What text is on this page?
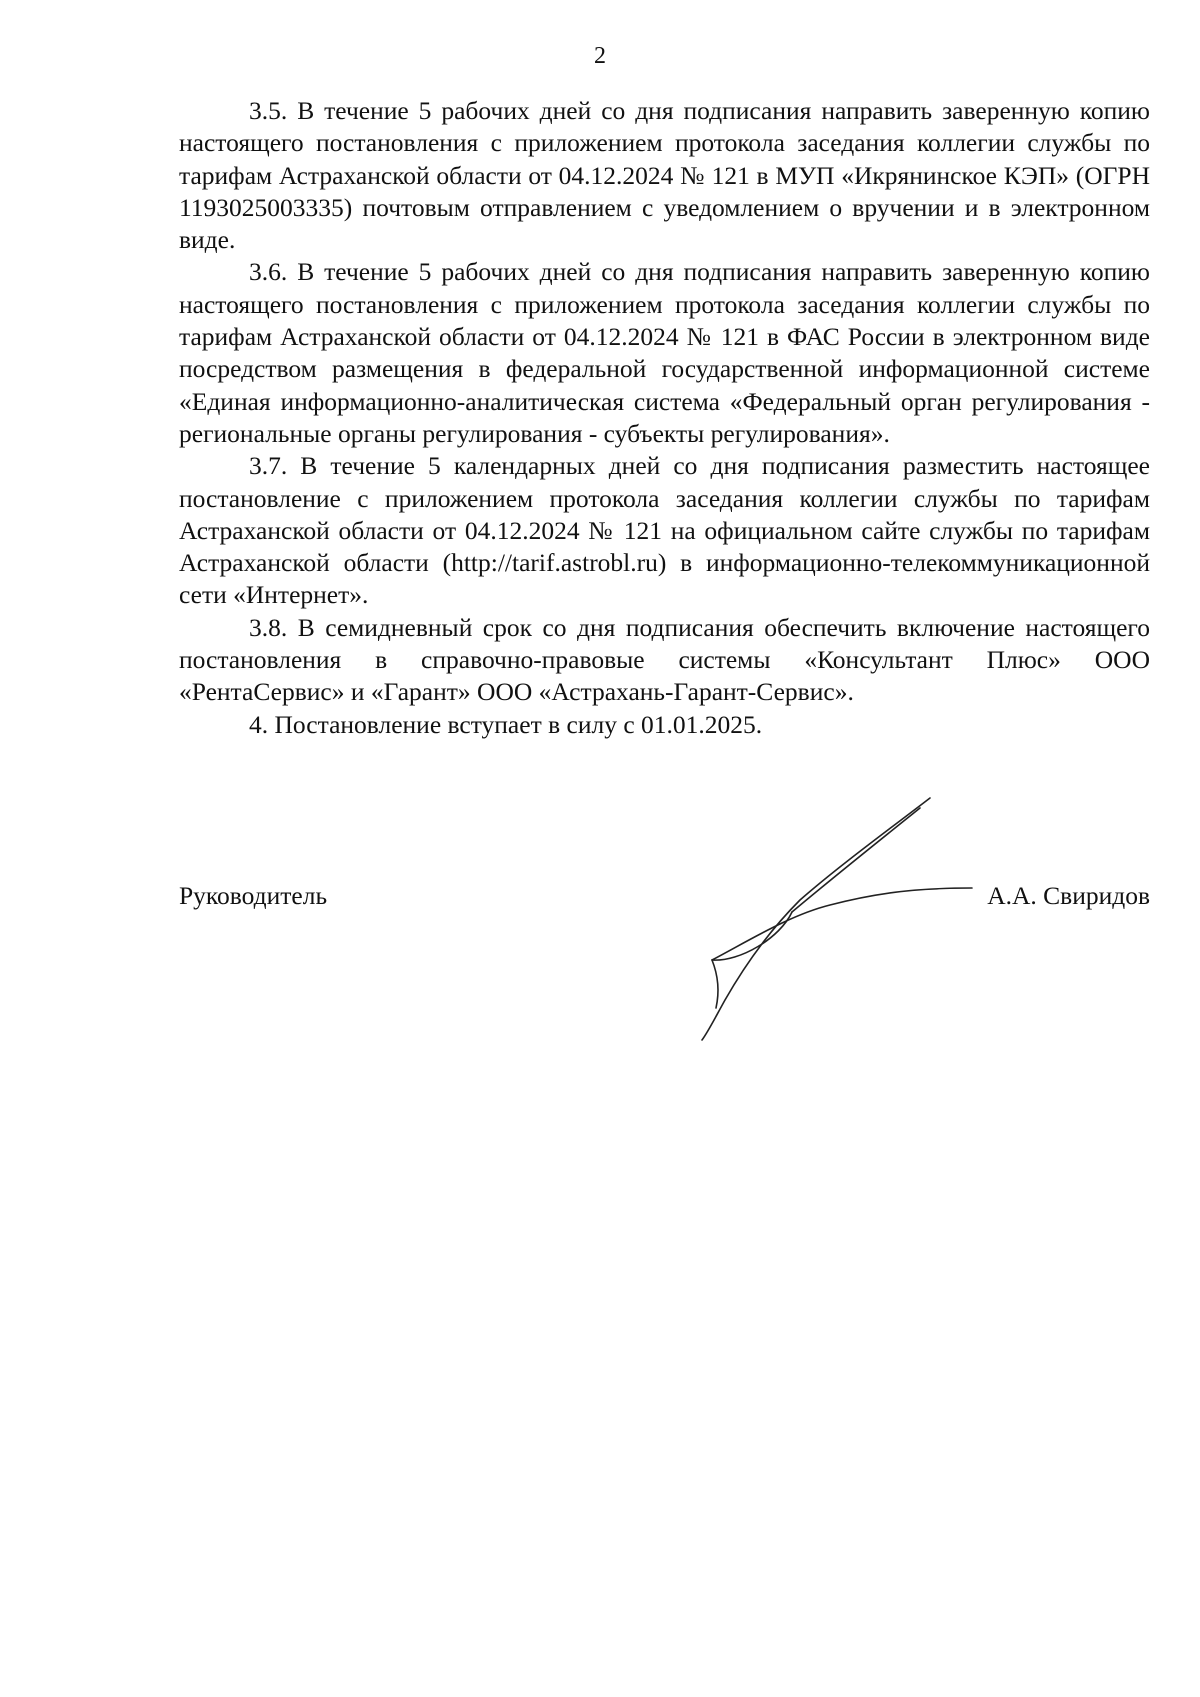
2

3.5. В течение 5 рабочих дней со дня подписания направить заверенную копию настоящего постановления с приложением протокола заседания коллегии службы по тарифам Астраханской области от 04.12.2024 № 121 в МУП «Икрянинское КЭП» (ОГРН 1193025003335) почтовым отправлением с уведомлением о вручении и в электронном виде.

3.6. В течение 5 рабочих дней со дня подписания направить заверенную копию настоящего постановления с приложением протокола заседания коллегии службы по тарифам Астраханской области от 04.12.2024 № 121 в ФАС России в электронном виде посредством размещения в федеральной государственной информационной системе «Единая информационно-аналитическая система «Федеральный орган регулирования - региональные органы регулирования - субъекты регулирования».

3.7. В течение 5 календарных дней со дня подписания разместить настоящее постановление с приложением протокола заседания коллегии службы по тарифам Астраханской области от 04.12.2024 № 121 на официальном сайте службы по тарифам Астраханской области (http://tarif.astrobl.ru) в информационно-телекоммуникационной сети «Интернет».

3.8. В семидневный срок со дня подписания обеспечить включение настоящего постановления в справочно-правовые системы «Консультант Плюс» ООО «РентаСервис» и «Гарант» ООО «Астрахань-Гарант-Сервис».

4. Постановление вступает в силу с 01.01.2025.

Руководитель	А.А. Свиридов
